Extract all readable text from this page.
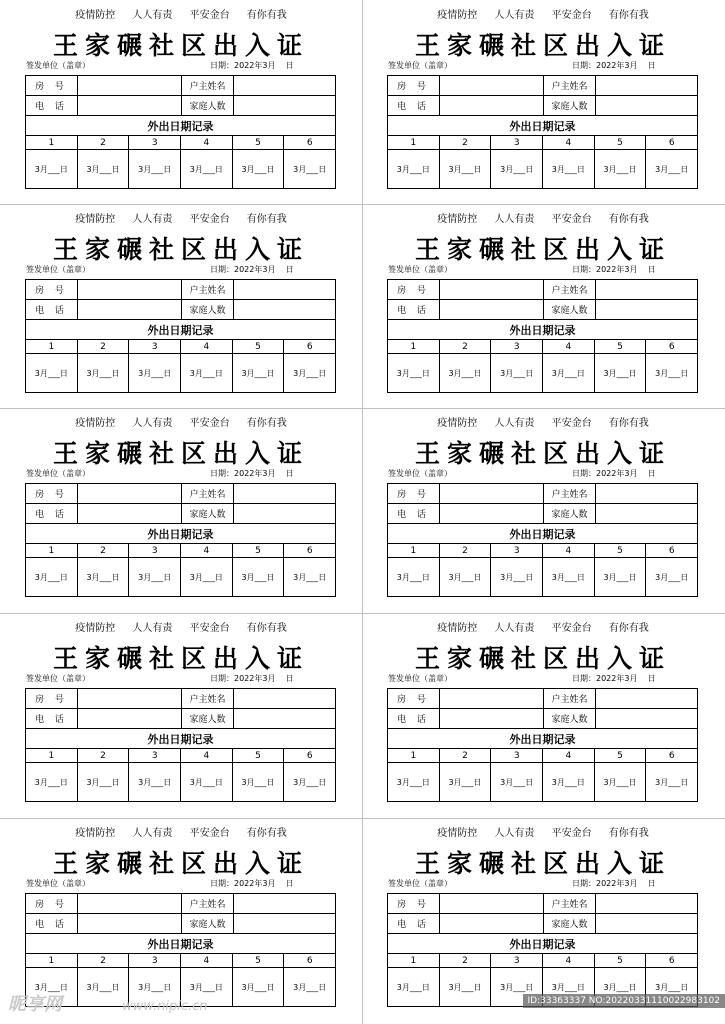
疫情防控 人人有责 平安金台 有你有我
王家碾社区出入证
签发单位（盖章）	日期：2022年3月    日
房 号	户主姓名
电 话	家庭人数
外出日期记录
1	2	3	4	5	6
3月___日	3月___日	3月___日	3月___日	3月___日	3月___日
疫情防控 人人有责 平安金台 有你有我
王家碾社区出入证
签发单位（盖章）	日期：2022年3月    日
房 号	户主姓名
电 话	家庭人数
外出日期记录
1	2	3	4	5	6
3月___日	3月___日	3月___日	3月___日	3月___日	3月___日
疫情防控 人人有责 平安金台 有你有我
王家碾社区出入证
签发单位（盖章）	日期：2022年3月    日
房 号	户主姓名
电 话	家庭人数
外出日期记录
1	2	3	4	5	6
3月___日	3月___日	3月___日	3月___日	3月___日	3月___日
疫情防控 人人有责 平安金台 有你有我
王家碾社区出入证
签发单位（盖章）	日期：2022年3月    日
房 号	户主姓名
电 话	家庭人数
外出日期记录
1	2	3	4	5	6
3月___日	3月___日	3月___日	3月___日	3月___日	3月___日
疫情防控 人人有责 平安金台 有你有我
王家碾社区出入证
签发单位（盖章）	日期：2022年3月    日
房 号	户主姓名
电 话	家庭人数
外出日期记录
1	2	3	4	5	6
3月___日	3月___日	3月___日	3月___日	3月___日	3月___日
疫情防控 人人有责 平安金台 有你有我
王家碾社区出入证
签发单位（盖章）	日期：2022年3月    日
房 号	户主姓名
电 话	家庭人数
外出日期记录
1	2	3	4	5	6
3月___日	3月___日	3月___日	3月___日	3月___日	3月___日
疫情防控 人人有责 平安金台 有你有我
王家碾社区出入证
签发单位（盖章）	日期：2022年3月    日
房 号	户主姓名
电 话	家庭人数
外出日期记录
1	2	3	4	5	6
3月___日	3月___日	3月___日	3月___日	3月___日	3月___日
疫情防控 人人有责 平安金台 有你有我
王家碾社区出入证
签发单位（盖章）	日期：2022年3月    日
房 号	户主姓名
电 话	家庭人数
外出日期记录
1	2	3	4	5	6
3月___日	3月___日	3月___日	3月___日	3月___日	3月___日
疫情防控 人人有责 平安金台 有你有我
王家碾社区出入证
签发单位（盖章）	日期：2022年3月    日
房 号	户主姓名
电 话	家庭人数
外出日期记录
1	2	3	4	5	6
3月___日	3月___日	3月___日	3月___日	3月___日	3月___日
疫情防控 人人有责 平安金台 有你有我
王家碾社区出入证
签发单位（盖章）	日期：2022年3月    日
房 号	户主姓名
电 话	家庭人数
外出日期记录
1	2	3	4	5	6
3月___日	3月___日	3月___日	3月___日	3月___日	3月___日
昵享网	www.nipic.cn	ID:33363337 NO:20220331110022983102
